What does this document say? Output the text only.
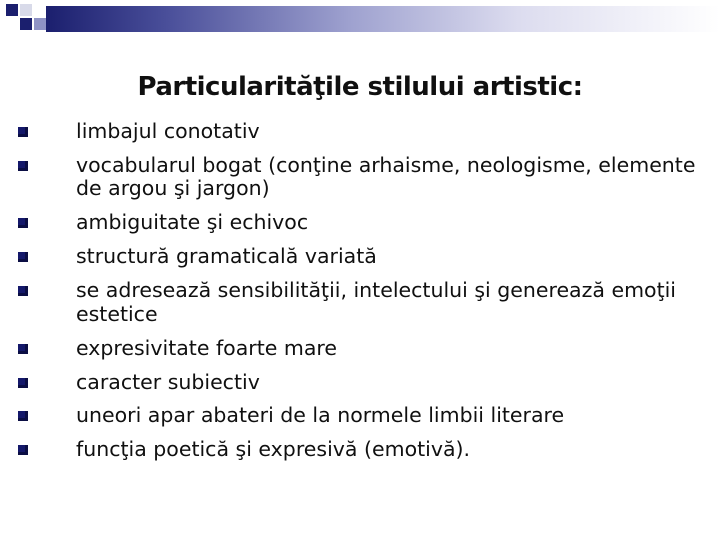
Particularităţile stilului artistic:
limbajul conotativ
vocabularul bogat (conţine arhaisme, neologisme, elemente de argou şi jargon)
ambiguitate şi echivoc
structură gramaticală variată
se adresează sensibilităţii, intelectului şi generează emoţii estetice
expresivitate foarte mare
caracter subiectiv
uneori apar abateri de la normele limbii literare
funcţia poetică şi expresivă (emotivă).
